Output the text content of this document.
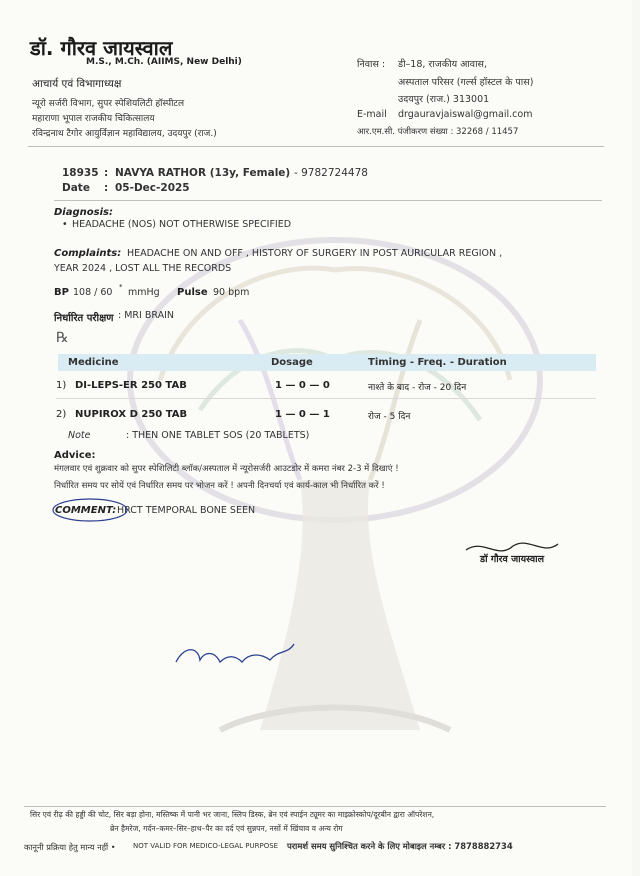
डॉ. गौरव जायस्वाल
M.S., M.Ch. (AIIMS, New Delhi)
आचार्य एवं विभागाध्यक्ष
न्यूरो सर्जरी विभाग, सुपर स्पेशियलिटी हॉस्पीटल
महाराणा भूपाल राजकीय चिकित्सालय
रविन्द्रनाथ टैगोर आयुर्विज्ञान महाविद्यालय, उदयपुर (राज.)
निवास : डी–18, राजकीय आवास,
अस्पताल परिसर (गर्ल्स हॉस्टल के पास)
उदयपुर (राज.) 313001
E-mail drgauravjaiswal@gmail.com
आर.एम.सी. पंजीकरण संख्या : 32268 / 11457
18935 : NAVYA RATHOR (13y, Female) - 9782724478
Date : 05-Dec-2025
Diagnosis:
• HEADACHE (NOS) NOT OTHERWISE SPECIFIED
Complaints: HEADACHE ON AND OFF , HISTORY OF SURGERY IN POST AURICULAR REGION ,
YEAR 2024 , LOST ALL THE RECORDS
BP 108 / 60 * mmHg Pulse 90 bpm
निर्धारित परीक्षण : MRI BRAIN
℞
Medicine	Dosage	Timing - Freq. - Duration
1) DI-LEPS-ER 250 TAB	1 — 0 — 0	नाश्ते के बाद - रोज - 20 दिन
2) NUPIROX D 250 TAB	1 — 0 — 1	रोज - 5 दिन
Note	: THEN ONE TABLET SOS (20 TABLETS)
Advice:
मंगलवार एवं शुक्रवार को सुपर स्पेशिलिटी ब्लॉक/अस्पताल में न्यूरोसर्जरी आउटडोर में कमरा नंबर 2-3 में दिखाएं !
निर्धारित समय पर सोयें एवं निर्धारित समय पर भोजन करें ! अपनी दिनचर्या एवं कार्य-काल भी निर्धारित करें !
COMMENT: HRCT TEMPORAL BONE SEEN
डॉ गौरव जायस्वाल
सिर एवं रीढ़ की हड्डी की चोट, सिर बड़ा होना, मस्तिष्क में पानी भर जाना, स्लिप डिस्क, ब्रेन एवं स्पाईन ट्यूमर का माइक्रोस्कोप/दूरबीन द्वारा ऑपरेशन,
ब्रेन हैमरेज, गर्दन–कमर–सिर–हाथ–पैर का दर्द एवं सुन्नपन, नसों में खिंचाव व अन्य रोग
कानूनी प्रक्रिया हेतु मान्य नहीं • NOT VALID FOR MEDICO-LEGAL PURPOSE परामर्श समय सुनिश्चित करने के लिए मोबाइल नम्बर : 7878882734
